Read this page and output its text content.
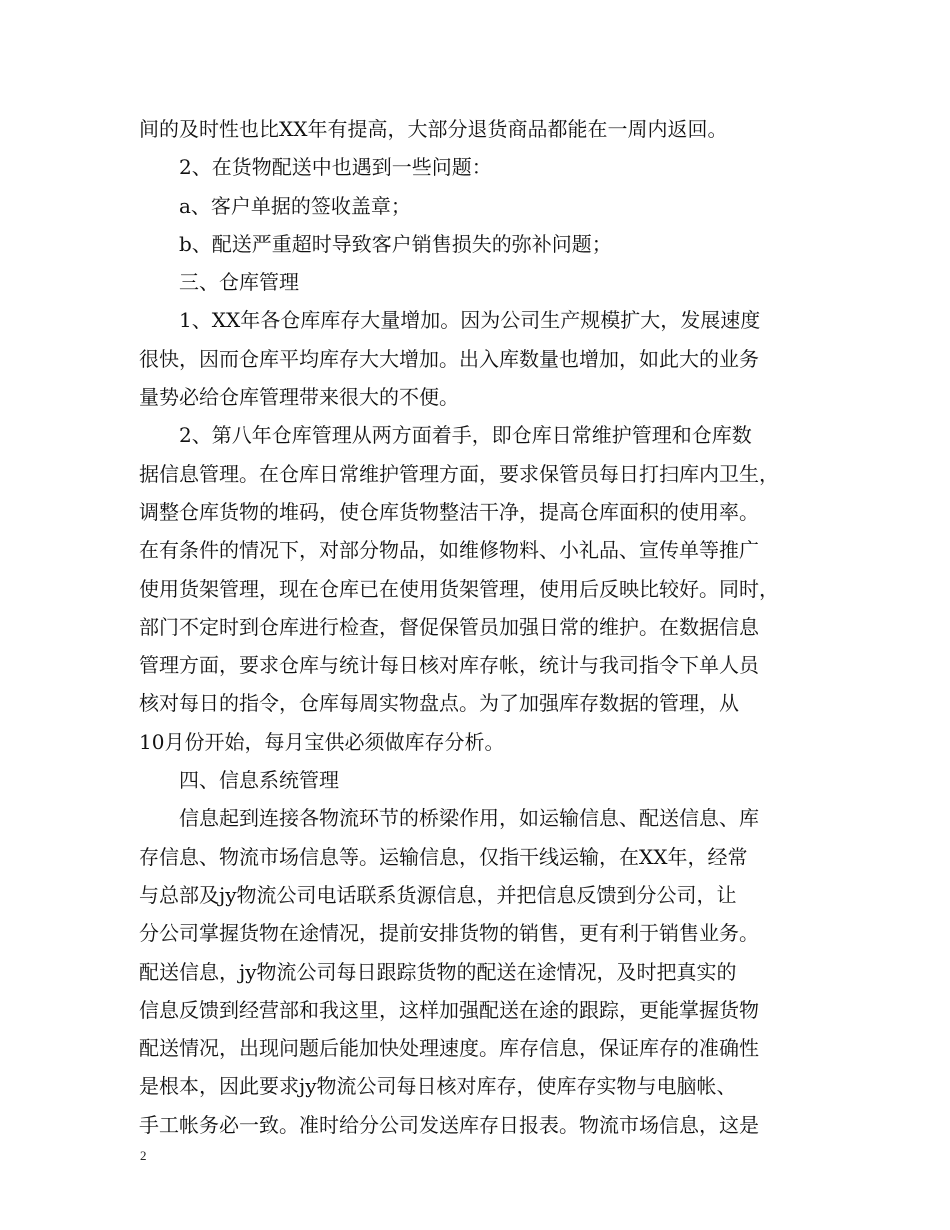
间的及时性也比XX年有提高，大部分退货商品都能在一周内返回。
2、在货物配送中也遇到一些问题：
a、客户单据的签收盖章；
b、配送严重超时导致客户销售损失的弥补问题；
三、仓库管理
1、XX年各仓库库存大量增加。因为公司生产规模扩大，发展速度
很快，因而仓库平均库存大大增加。出入库数量也增加，如此大的业务
量势必给仓库管理带来很大的不便。
2、第八年仓库管理从两方面着手，即仓库日常维护管理和仓库数
据信息管理。在仓库日常维护管理方面，要求保管员每日打扫库内卫生，
调整仓库货物的堆码，使仓库货物整洁干净，提高仓库面积的使用率。
在有条件的情况下，对部分物品，如维修物料、小礼品、宣传单等推广
使用货架管理，现在仓库已在使用货架管理，使用后反映比较好。同时，
部门不定时到仓库进行检查，督促保管员加强日常的维护。在数据信息
管理方面，要求仓库与统计每日核对库存帐，统计与我司指令下单人员
核对每日的指令，仓库每周实物盘点。为了加强库存数据的管理，从
10月份开始，每月宝供必须做库存分析。
四、信息系统管理
信息起到连接各物流环节的桥梁作用，如运输信息、配送信息、库
存信息、物流市场信息等。运输信息，仅指干线运输，在XX年，经常
与总部及jy物流公司电话联系货源信息，并把信息反馈到分公司，让
分公司掌握货物在途情况，提前安排货物的销售，更有利于销售业务。
配送信息，jy物流公司每日跟踪货物的配送在途情况，及时把真实的
信息反馈到经营部和我这里，这样加强配送在途的跟踪，更能掌握货物
配送情况，出现问题后能加快处理速度。库存信息，保证库存的准确性
是根本，因此要求jy物流公司每日核对库存，使库存实物与电脑帐、
手工帐务必一致。准时给分公司发送库存日报表。物流市场信息，这是
2
